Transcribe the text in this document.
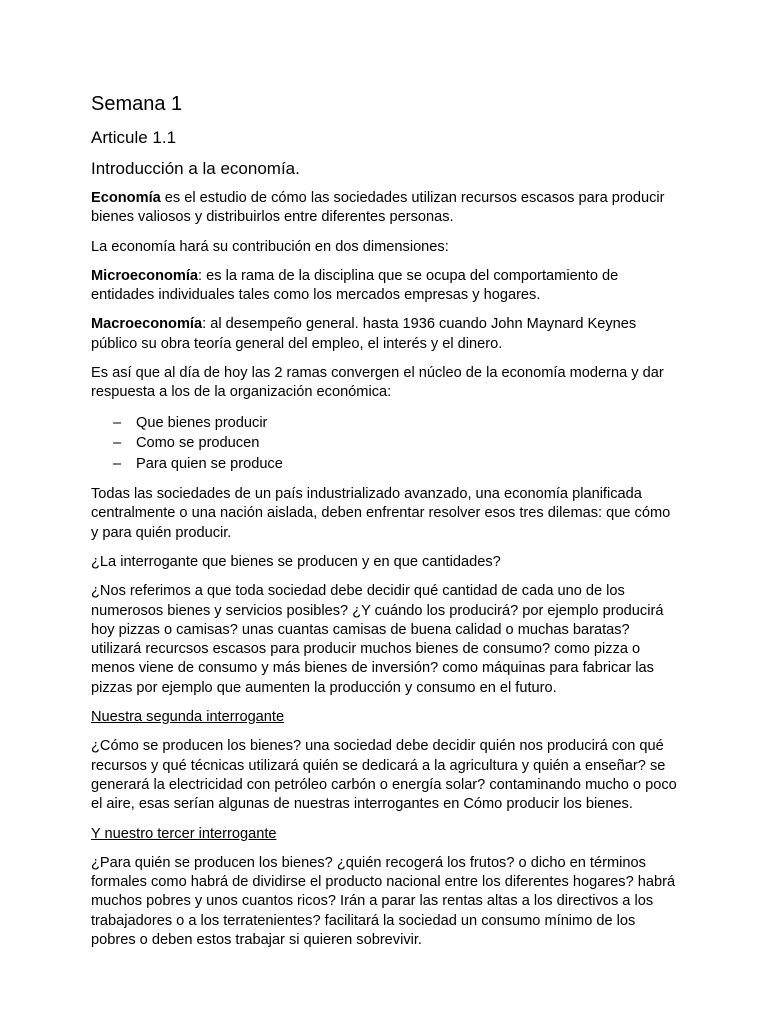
Semana 1
Articule 1.1
Introducción a la economía.

Economía es el estudio de cómo las sociedades utilizan recursos escasos para producir bienes valiosos y distribuirlos entre diferentes personas.

La economía hará su contribución en dos dimensiones:

Microeconomía: es la rama de la disciplina que se ocupa del comportamiento de entidades individuales tales como los mercados empresas y hogares.

Macroeconomía: al desempeño general. hasta 1936 cuando John Maynard Keynes público su obra teoría general del empleo, el interés y el dinero.

Es así que al día de hoy las 2 ramas convergen el núcleo de la economía moderna y dar respuesta a los de la organización económica:

– Que bienes producir
– Como se producen
– Para quien se produce

Todas las sociedades de un país industrializado avanzado, una economía planificada centralmente o una nación aislada, deben enfrentar resolver esos tres dilemas: que cómo y para quién producir.

¿La interrogante que bienes se producen y en que cantidades?

¿Nos referimos a que toda sociedad debe decidir qué cantidad de cada uno de los numerosos bienes y servicios posibles? ¿Y cuándo los producirá? por ejemplo producirá hoy pizzas o camisas? unas cuantas camisas de buena calidad o muchas baratas? utilizará recurcsos escasos para producir muchos bienes de consumo? como pizza o menos viene de consumo y más bienes de inversión? como máquinas para fabricar las pizzas por ejemplo que aumenten la producción y consumo en el futuro.

Nuestra segunda interrogante

¿Cómo se producen los bienes? una sociedad debe decidir quién nos producirá con qué recursos y qué técnicas utilizará quién se dedicará a la agricultura y quién a enseñar? se generará la electricidad con petróleo carbón o energía solar? contaminando mucho o poco el aire, esas serían algunas de nuestras interrogantes en Cómo producir los bienes.

Y nuestro tercer interrogante

¿Para quién se producen los bienes? ¿quién recogerá los frutos? o dicho en términos formales como habrá de dividirse el producto nacional entre los diferentes hogares? habrá muchos pobres y unos cuantos ricos? Irán a parar las rentas altas a los directivos a los trabajadores o a los terratenientes? facilitará la sociedad un consumo mínimo de los pobres o deben estos trabajar si quieren sobrevivir.
